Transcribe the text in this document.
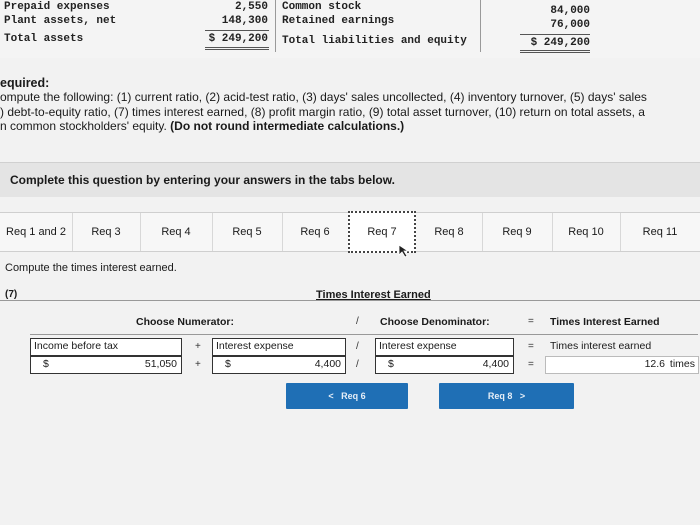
Prepaid expenses	2,550 Common stock	84,000
Plant assets, net	148,300 Retained earnings	76,000
Total assets	$ 249,200 Total liabilities and equity	$ 249,200
equired:
ompute the following: (1) current ratio, (2) acid-test ratio, (3) days' sales uncollected, (4) inventory turnover, (5) days' sales
) debt-to-equity ratio, (7) times interest earned, (8) profit margin ratio, (9) total asset turnover, (10) return on total assets, a
n common stockholders' equity. (Do not round intermediate calculations.)
Complete this question by entering your answers in the tabs below.
Req 1 and 2	Req 3	Req 4	Req 5	Req 6	Req 7	Req 8	Req 9	Req 10	Req 11
Compute the times interest earned.
(7)	Times Interest Earned
Choose Numerator:	/ Choose Denominator:	= Times Interest Earned
Income before tax	+ Interest expense	/ Interest expense	= Times interest earned
$	51,050 + $	4,400 /	$	4,400 =	12.6 times
< Req 6	Req 8 >
